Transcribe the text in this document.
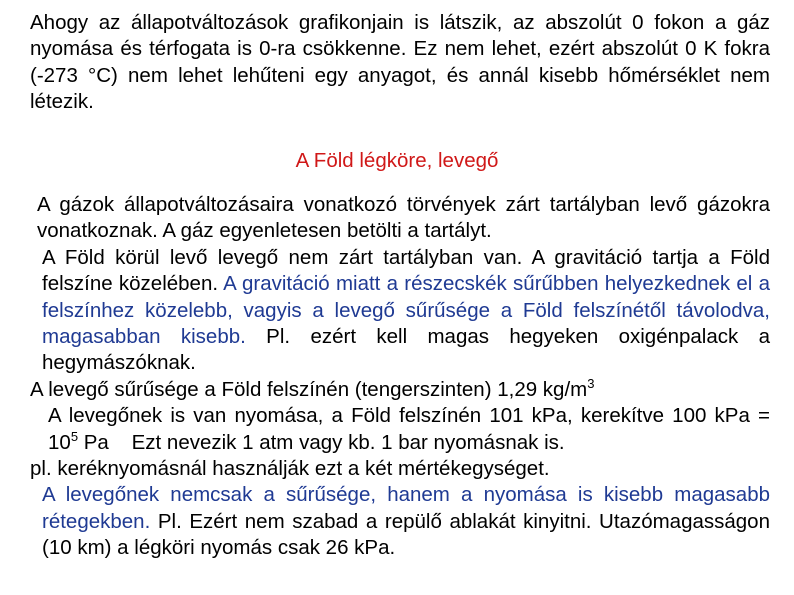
Ahogy az állapotváltozások grafikonjain is látszik, az abszolút 0 fokon a gáz nyomása és térfogata is 0-ra csökkenne. Ez nem lehet, ezért abszolút 0 K fokra (-273 °C) nem lehet lehűteni egy anyagot, és annál kisebb hőmérséklet nem létezik.

A Föld légköre, levegő

A gázok állapotváltozásaira vonatkozó törvények zárt tartályban levő gázokra vonatkoznak. A gáz egyenletesen betölti a tartályt.

A Föld körül levő levegő nem zárt tartályban van. A gravitáció tartja a Föld felszíne közelében. A gravitáció miatt a részecskék sűrűbben helyezkednek el a felszínhez közelebb, vagyis a levegő sűrűsége a Föld felszínétől távolodva, magasabban kisebb. Pl. ezért kell magas hegyeken oxigénpalack a hegymászóknak.

A levegő sűrűsége a Föld felszínén (tengerszinten) 1,29 $kg/m^3$

A levegőnek is van nyomása, a Föld felszínén 101 kPa, kerekítve 100 kPa = $10^5$ Pa    Ezt nevezik 1 atm vagy kb. 1 bar nyomásnak is.

pl. keréknyomásnál használják ezt a két mértékegységet.

A levegőnek nemcsak a sűrűsége, hanem a nyomása is kisebb magasabb rétegekben. Pl. Ezért nem szabad a repülő ablakát kinyitni. Utazómagasságon (10 km) a légköri nyomás csak 26 kPa.
